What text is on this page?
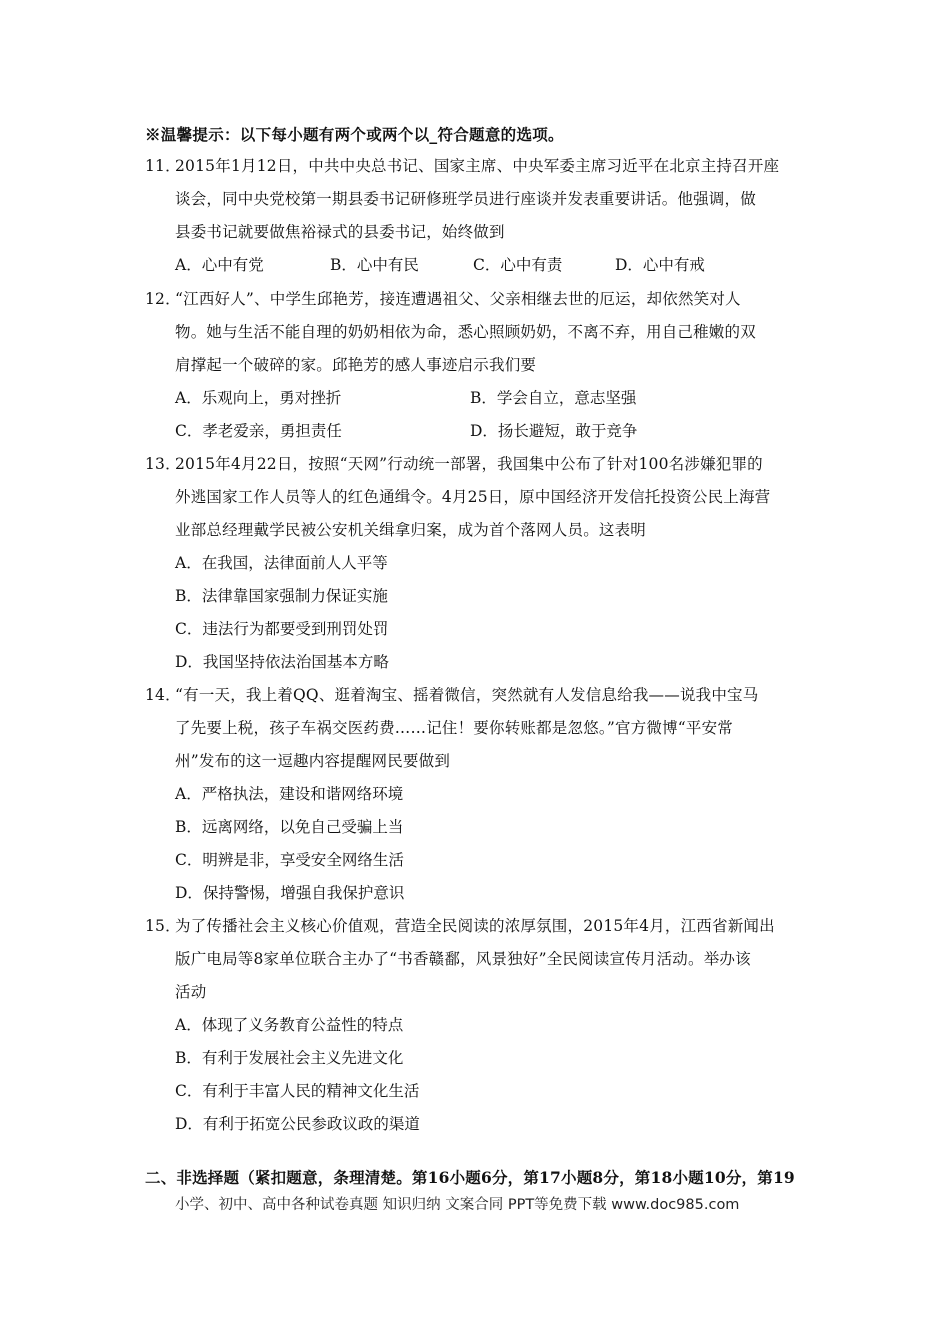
※温馨提示：以下每小题有两个或两个以_符合题意的选项。
11．2015年1月12日，中共中央总书记、国家主席、中央军委主席习近平在北京主持召开座
谈会，同中央党校第一期县委书记研修班学员进行座谈并发表重要讲话。他强调，做
县委书记就要做焦裕禄式的县委书记，始终做到
A．心中有党	B．心中有民	C．心中有责	D．心中有戒
12．“江西好人”、中学生邱艳芳，接连遭遇祖父、父亲相继去世的厄运，却依然笑对人
物。她与生活不能自理的奶奶相依为命，悉心照顾奶奶，不离不弃，用自己稚嫩的双
肩撑起一个破碎的家。邱艳芳的感人事迹启示我们要
A．乐观向上，勇对挫折	B．学会自立，意志坚强
C．孝老爱亲，勇担责任	D．扬长避短，敢于竞争
13．2015年4月22日，按照“天网”行动统一部署，我国集中公布了针对100名涉嫌犯罪的
外逃国家工作人员等人的红色通缉令。4月25日，原中国经济开发信托投资公民上海营
业部总经理戴学民被公安机关缉拿归案，成为首个落网人员。这表明
A．在我国，法律面前人人平等
B．法律靠国家强制力保证实施
C．违法行为都要受到刑罚处罚
D．我国坚持依法治国基本方略
14．“有一天，我上着QQ、逛着淘宝、摇着微信，突然就有人发信息给我——说我中宝马
了先要上税，孩子车祸交医药费……记住！要你转账都是忽悠。”官方微博“平安常
州”发布的这一逗趣内容提醒网民要做到
A．严格执法，建设和谐网络环境
B．远离网络，以免自己受骗上当
C．明辨是非，享受安全网络生活
D．保持警惕，增强自我保护意识
15．为了传播社会主义核心价值观，营造全民阅读的浓厚氛围，2015年4月，江西省新闻出
版广电局等8家单位联合主办了“书香赣鄱，风景独好”全民阅读宣传月活动。举办该
活动
A．体现了义务教育公益性的特点
B．有利于发展社会主义先进文化
C．有利于丰富人民的精神文化生活
D．有利于拓宽公民参政议政的渠道
二、非选择题（紧扣题意，条理清楚。第16小题6分，第17小题8分，第18小题10分，第19
小学、初中、高中各种试卷真题 知识归纳 文案合同 PPT等免费下载 www.doc985.com
